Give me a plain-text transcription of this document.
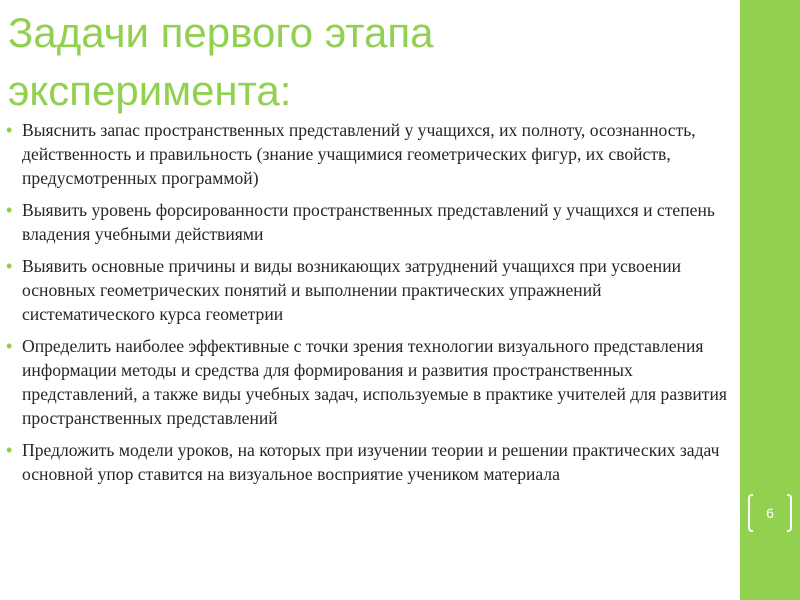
Задачи первого этапа эксперимента:
• Выяснить запас пространственных представлений у учащихся, их полноту, осознанность, действенность и правильность (знание учащимися геометрических фигур, их свойств, предусмотренных программой)
• Выявить уровень форсированности пространственных представлений у учащихся и степень владения учебными действиями
• Выявить основные причины и виды возникающих затруднений учащихся при усвоении основных геометрических понятий и выполнении практических упражнений систематического курса геометрии
• Определить наиболее эффективные с точки зрения технологии визуального представления информации методы и средства для формирования и развития пространственных представлений, а также виды учебных задач, используемые в практике учителей для развития пространственных представлений
• Предложить модели уроков, на которых при изучении теории и решении практических задач основной упор ставится на визуальное восприятие учеником материала
6
